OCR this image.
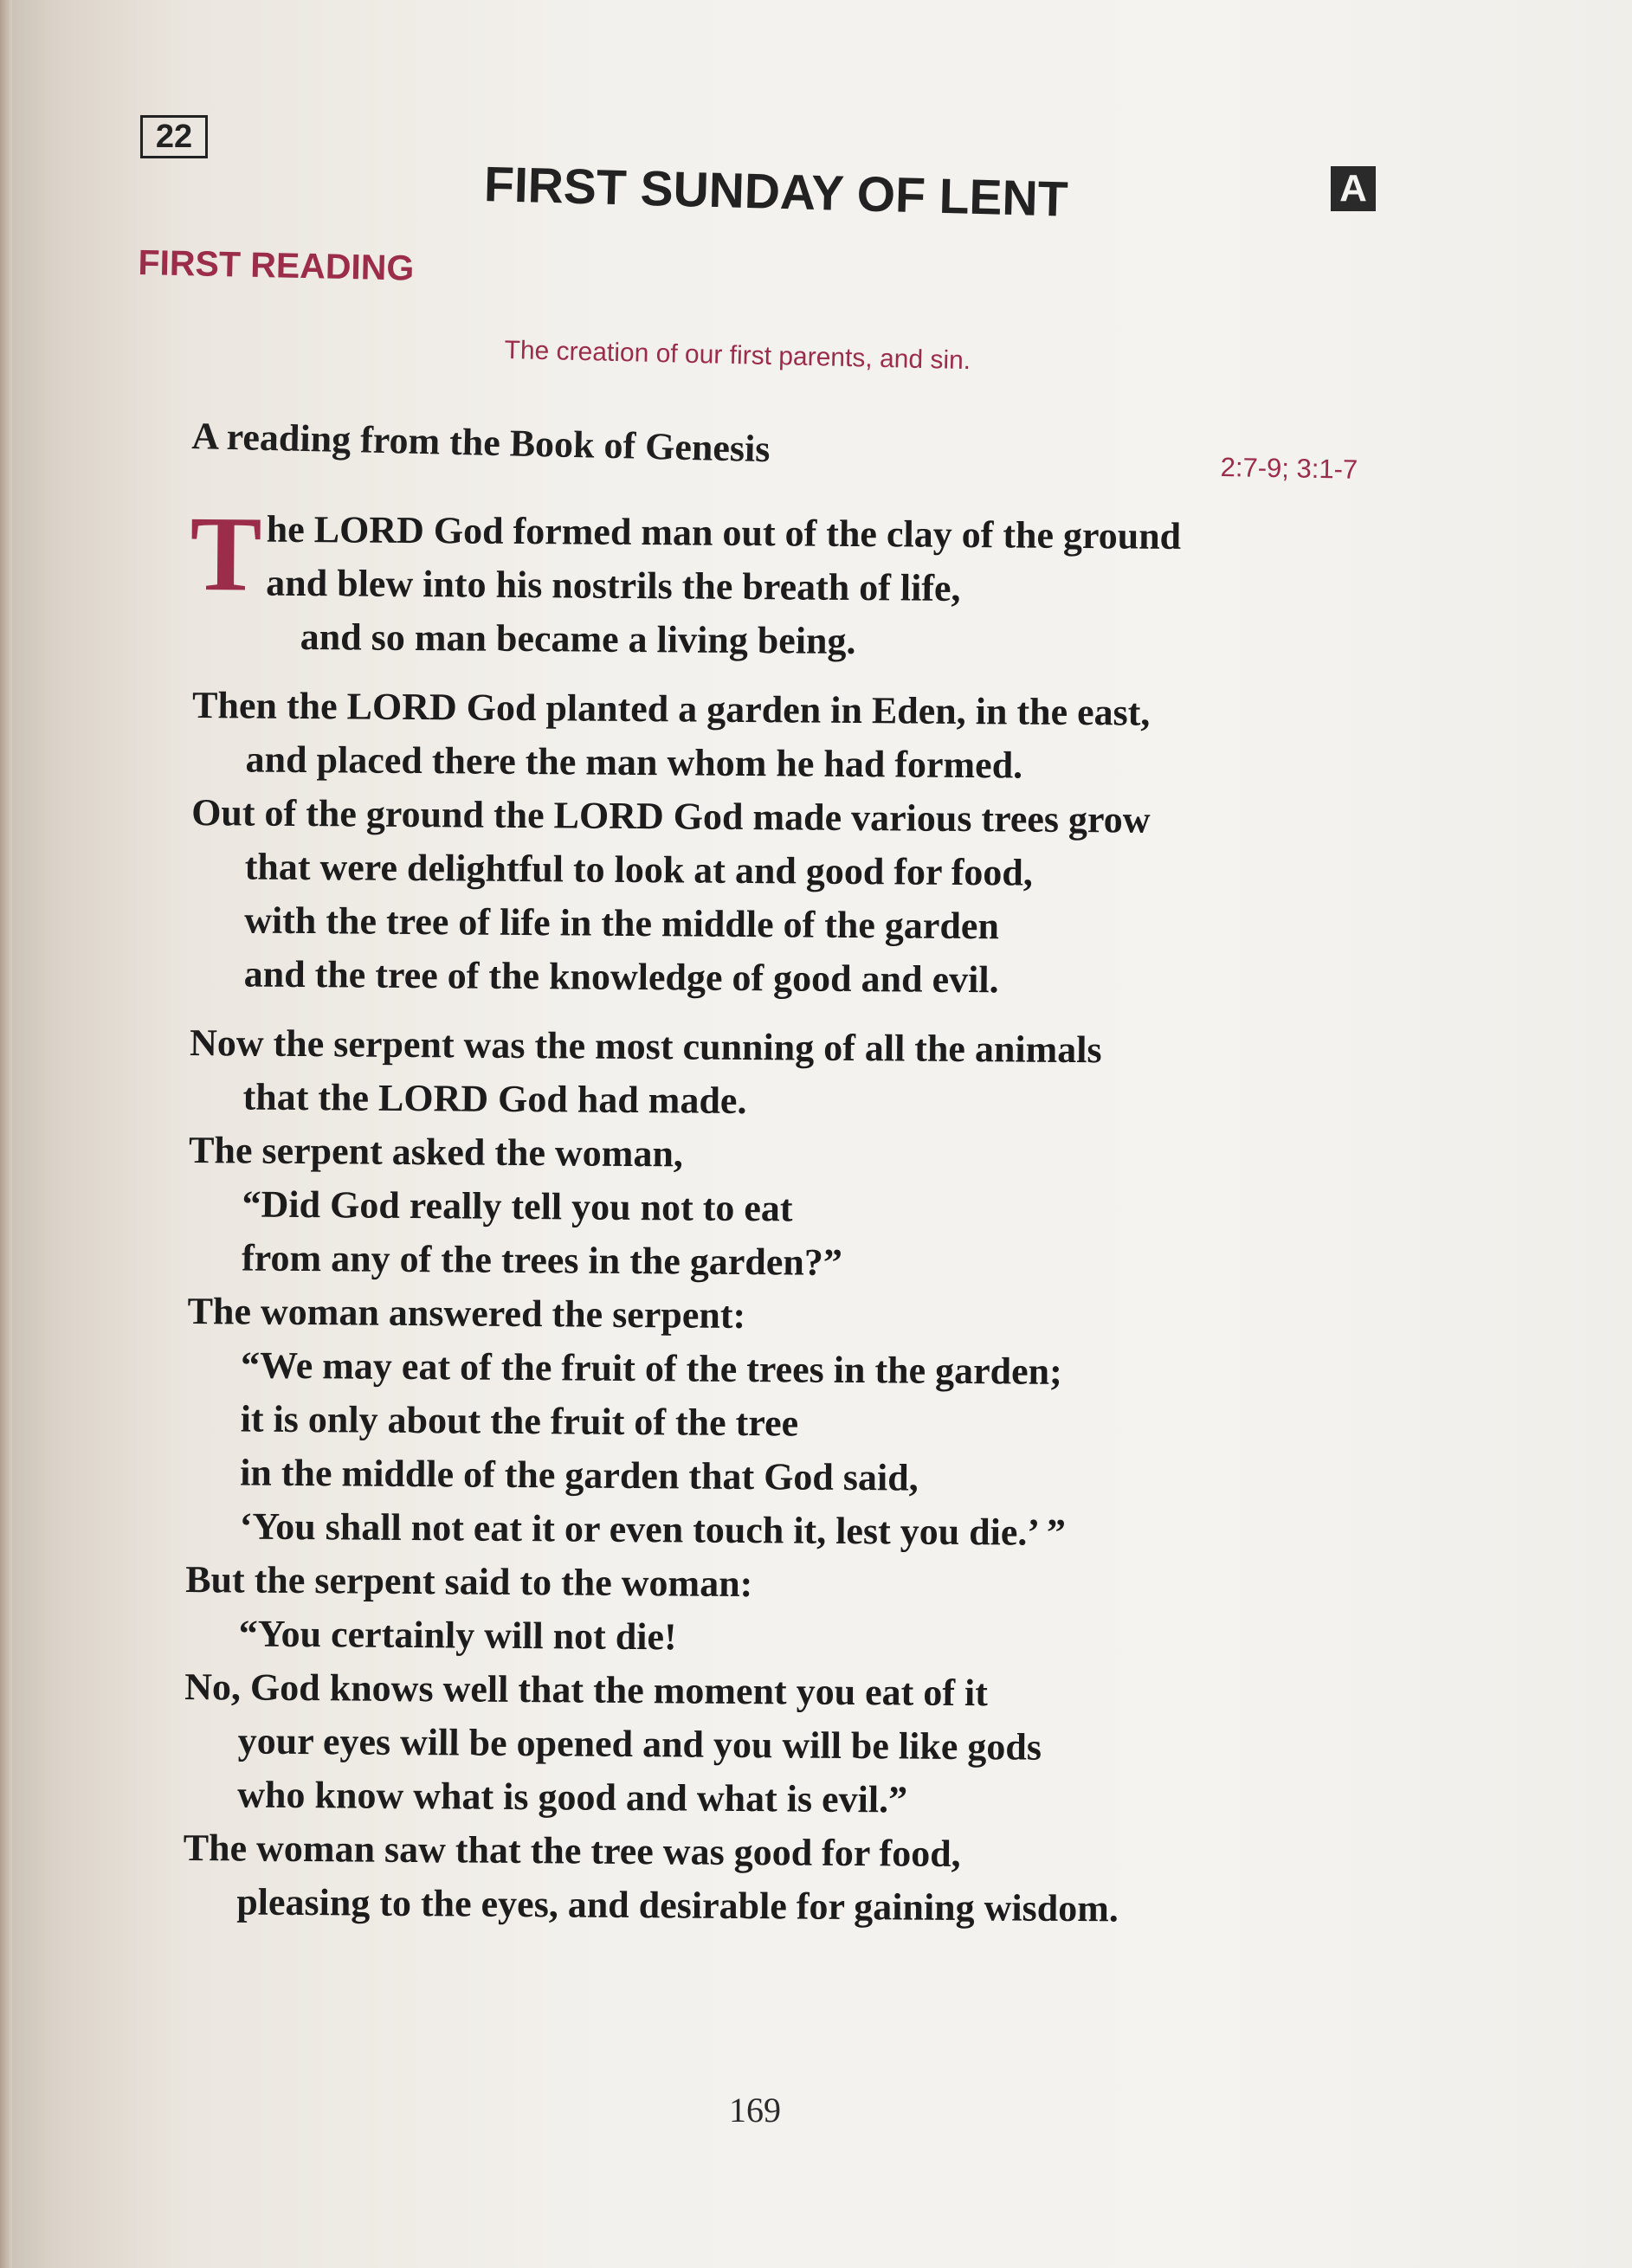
22
FIRST SUNDAY OF LENT	A
FIRST READING
The creation of our first parents, and sin.
A reading from the Book of Genesis	2:7-9; 3:1-7
T he LORD God formed man out of the clay of the ground
and blew into his nostrils the breath of life,
and so man became a living being.
Then the LORD God planted a garden in Eden, in the east,
and placed there the man whom he had formed.
Out of the ground the LORD God made various trees grow
that were delightful to look at and good for food,
with the tree of life in the middle of the garden
and the tree of the knowledge of good and evil.
Now the serpent was the most cunning of all the animals
that the LORD God had made.
The serpent asked the woman,
“Did God really tell you not to eat
from any of the trees in the garden?”
The woman answered the serpent:
“We may eat of the fruit of the trees in the garden;
it is only about the fruit of the tree
in the middle of the garden that God said,
‘You shall not eat it or even touch it, lest you die.’ ”
But the serpent said to the woman:
“You certainly will not die!
No, God knows well that the moment you eat of it
your eyes will be opened and you will be like gods
who know what is good and what is evil.”
The woman saw that the tree was good for food,
pleasing to the eyes, and desirable for gaining wisdom.
169
